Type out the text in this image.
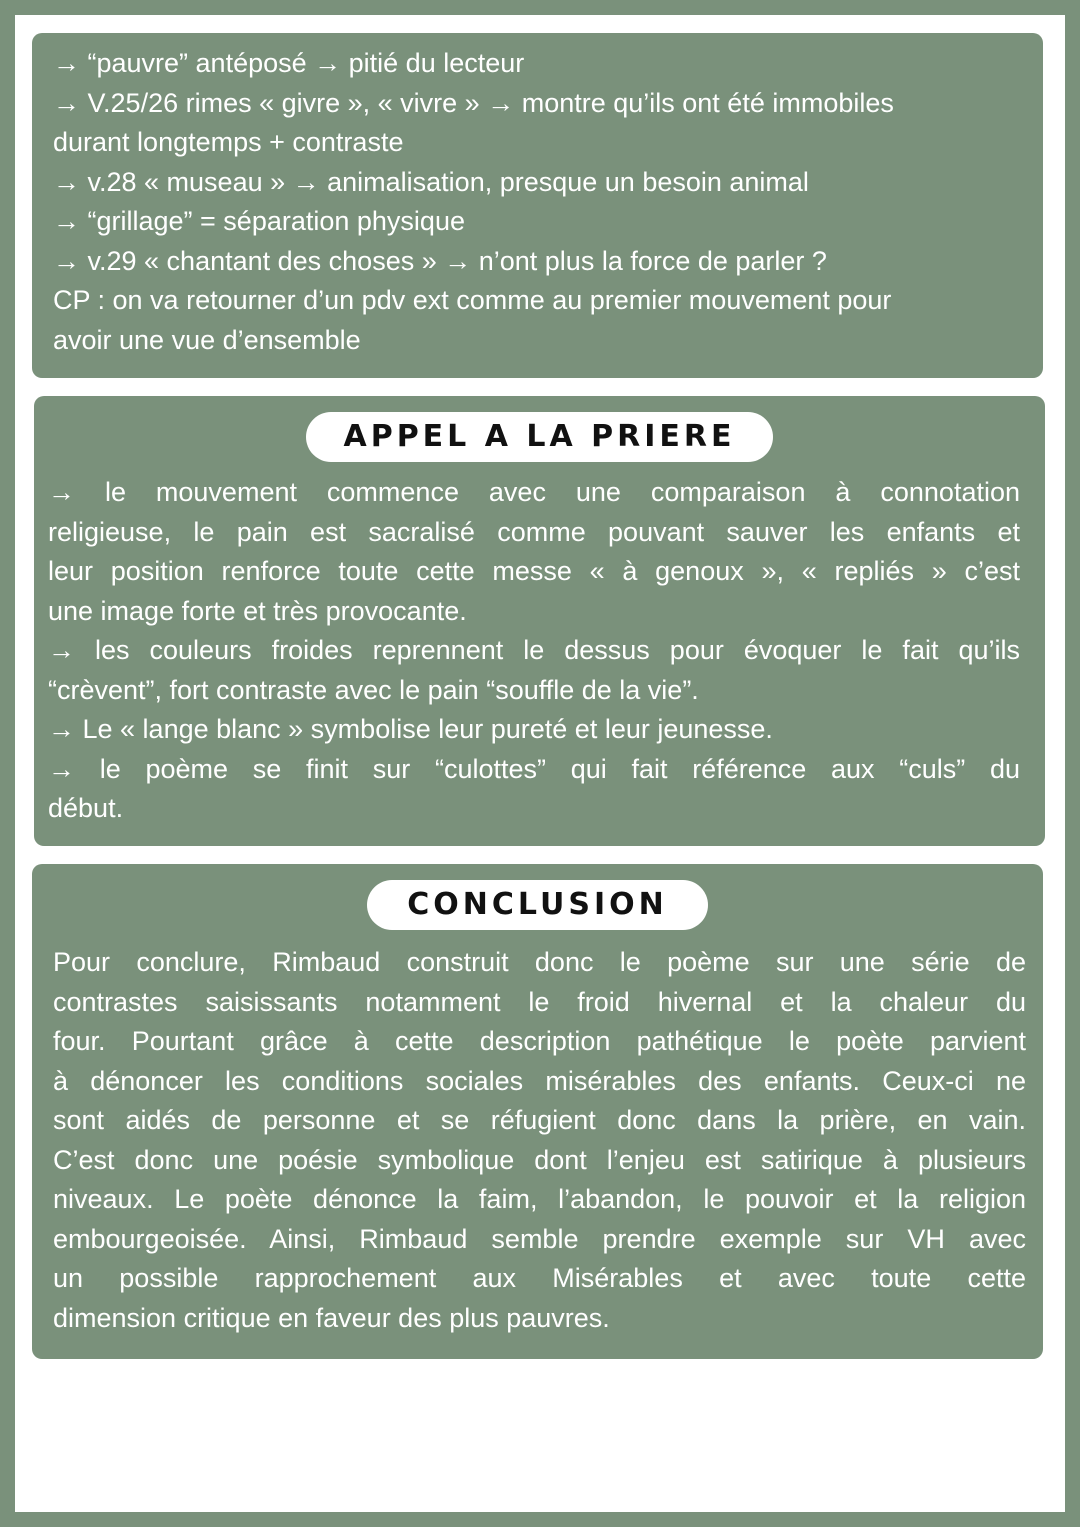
→ “pauvre” antéposé → pitié du lecteur
→ V.25/26 rimes « givre », « vivre » → montre qu’ils ont été immobiles
durant longtemps + contraste
→ v.28 « museau » → animalisation, presque un besoin animal
→ “grillage” = séparation physique
→ v.29 « chantant des choses » → n’ont plus la force de parler ?
CP : on va retourner d’un pdv ext comme au premier mouvement pour
avoir une vue d’ensemble
APPEL A LA PRIERE
→ le mouvement commence avec une comparaison à connotation
religieuse, le pain est sacralisé comme pouvant sauver les enfants et
leur position renforce toute cette messe « à genoux », « repliés » c’est
une image forte et très provocante.
→ les couleurs froides reprennent le dessus pour évoquer le fait qu’ils
“crèvent”, fort contraste avec le pain “souffle de la vie”.
→ Le « lange blanc » symbolise leur pureté et leur jeunesse.
→ le poème se finit sur “culottes” qui fait référence aux “culs” du
début.
CONCLUSION
Pour conclure, Rimbaud construit donc le poème sur une série de
contrastes saisissants notamment le froid hivernal et la chaleur du
four. Pourtant grâce à cette description pathétique le poète parvient
à dénoncer les conditions sociales misérables des enfants. Ceux-ci ne
sont aidés de personne et se réfugient donc dans la prière, en vain.
C’est donc une poésie symbolique dont l’enjeu est satirique à plusieurs
niveaux. Le poète dénonce la faim, l’abandon, le pouvoir et la religion
embourgeoisée. Ainsi, Rimbaud semble prendre exemple sur VH avec
un possible rapprochement aux Misérables et avec toute cette
dimension critique en faveur des plus pauvres.
